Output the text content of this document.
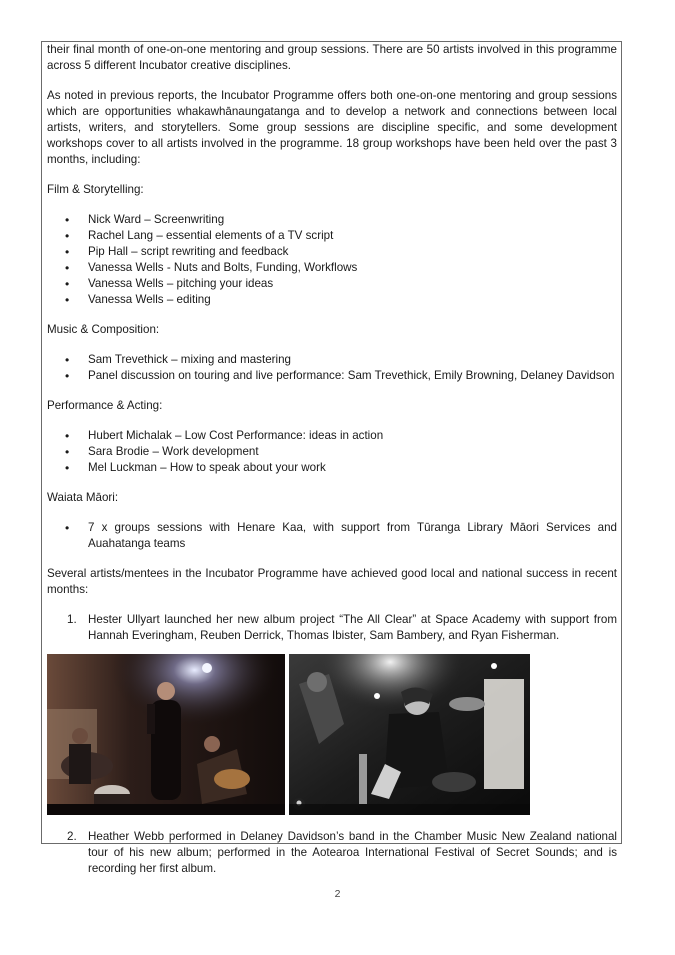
their final month of one-on-one mentoring and group sessions. There are 50 artists involved in this programme across 5 different Incubator creative disciplines.

As noted in previous reports, the Incubator Programme offers both one-on-one mentoring and group sessions which are opportunities whakawhānaungatanga and to develop a network and connections between local artists, writers, and storytellers. Some group sessions are discipline specific, and some development workshops cover to all artists involved in the programme. 18 group workshops have been held over the past 3 months, including:

Film & Storytelling:

• Nick Ward – Screenwriting
• Rachel Lang – essential elements of a TV script
• Pip Hall – script rewriting and feedback
• Vanessa Wells - Nuts and Bolts, Funding, Workflows
• Vanessa Wells – pitching your ideas
• Vanessa Wells – editing

Music & Composition:

• Sam Trevethick – mixing and mastering
• Panel discussion on touring and live performance: Sam Trevethick, Emily Browning, Delaney Davidson

Performance & Acting:

• Hubert Michalak – Low Cost Performance: ideas in action
• Sara Brodie – Work development
• Mel Luckman – How to speak about your work

Waiata Māori:

• 7 x groups sessions with Henare Kaa, with support from Tūranga Library Māori Services and Auahatanga teams

Several artists/mentees in the Incubator Programme have achieved good local and national success in recent months:

1. Hester Ullyart launched her new album project “The All Clear” at Space Academy with support from Hannah Everingham, Reuben Derrick, Thomas Ibister, Sam Bambery, and Ryan Fisherman.
2. Heather Webb performed in Delaney Davidson’s band in the Chamber Music New Zealand national tour of his new album; performed in the Aotearoa International Festival of Secret Sounds; and is recording her first album.
2
